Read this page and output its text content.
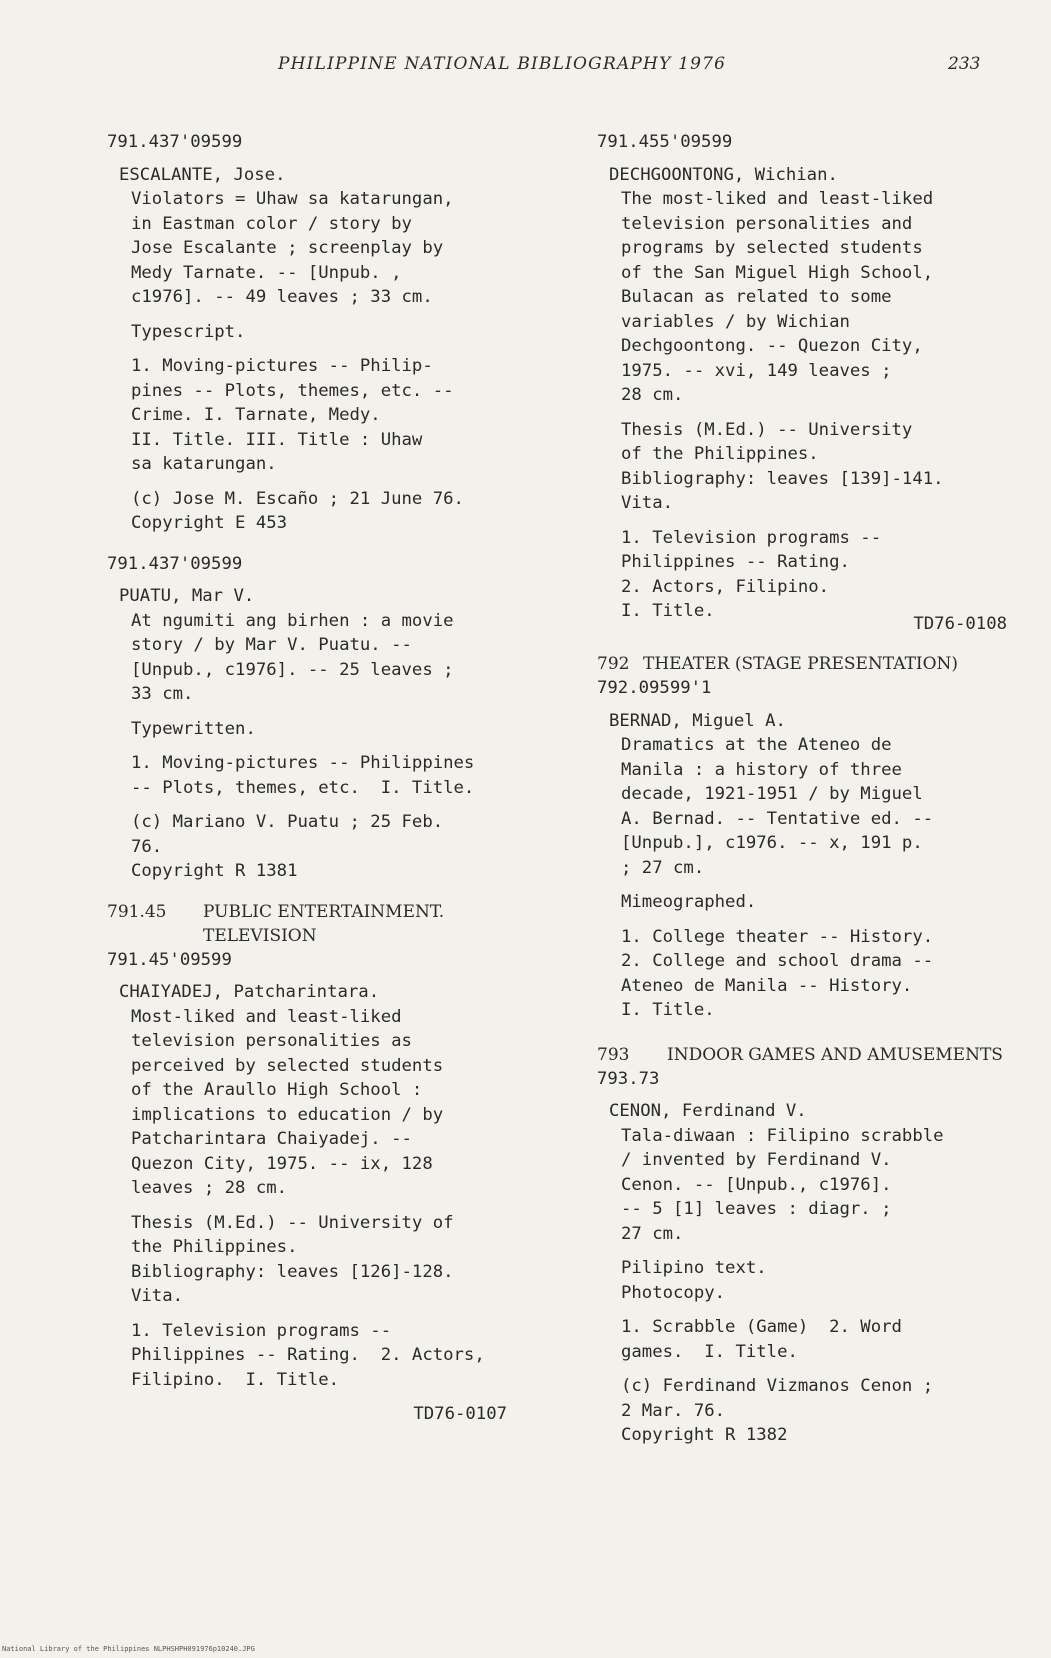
PHILIPPINE NATIONAL BIBLIOGRAPHY 1976	233

791.437'09599

ESCALANTE, Jose.
Violators = Uhaw sa katarungan,
in Eastman color / story by
Jose Escalante ; screenplay by
Medy Tarnate. -- [Unpub. ,
c1976]. -- 49 leaves ; 33 cm.
Typescript.
1. Moving-pictures -- Philip-
pines -- Plots, themes, etc. --
Crime. I. Tarnate, Medy.
II. Title. III. Title : Uhaw
sa katarungan.
(c) Jose M. Escaño ; 21 June 76.
Copyright E 453

791.437'09599

PUATU, Mar V.
At ngumiti ang birhen : a movie
story / by Mar V. Puatu. --
[Unpub., c1976]. -- 25 leaves ;
33 cm.
Typewritten.
1. Moving-pictures -- Philippines
-- Plots, themes, etc.  I. Title.
(c) Mariano V. Puatu ; 25 Feb.
76.
Copyright R 1381
791.45 PUBLIC ENTERTAINMENT.
TELEVISION

791.45'09599

CHAIYADEJ, Patcharintara.
Most-liked and least-liked
television personalities as
perceived by selected students
of the Araullo High School :
implications to education / by
Patcharintara Chaiyadej. --
Quezon City, 1975. -- ix, 128
leaves ; 28 cm.
Thesis (M.Ed.) -- University of
the Philippines.
Bibliography: leaves [126]-128.
Vita.
1. Television programs --
Philippines -- Rating.  2. Actors,
Filipino.  I. Title.

TD76-0107

791.455'09599

DECHGOONTONG, Wichian.
The most-liked and least-liked
television personalities and
programs by selected students
of the San Miguel High School,
Bulacan as related to some
variables / by Wichian
Dechgoontong. -- Quezon City,
1975. -- xvi, 149 leaves ;
28 cm.
Thesis (M.Ed.) -- University
of the Philippines.
Bibliography: leaves [139]-141.
Vita.
1. Television programs --
Philippines -- Rating.
2. Actors, Filipino.
I. Title.

TD76-0108

792 THEATER (STAGE PRESENTATION)

792.09599'1

BERNAD, Miguel A.
Dramatics at the Ateneo de
Manila : a history of three
decade, 1921-1951 / by Miguel
A. Bernad. -- Tentative ed. --
[Unpub.], c1976. -- x, 191 p.
; 27 cm.
Mimeographed.
1. College theater -- History.
2. College and school drama --
Ateneo de Manila -- History.
I. Title.
793 INDOOR GAMES AND AMUSEMENTS

793.73

CENON, Ferdinand V.
Tala-diwaan : Filipino scrabble
/ invented by Ferdinand V.
Cenon. -- [Unpub., c1976].
-- 5 [1] leaves : diagr. ;
27 cm.
Pilipino text.
Photocopy.
1. Scrabble (Game)  2. Word
games.  I. Title.
(c) Ferdinand Vizmanos Cenon ;
2 Mar. 76.
Copyright R 1382
National Library of the Philippines NLPHSHPH091976p10240.JPG
